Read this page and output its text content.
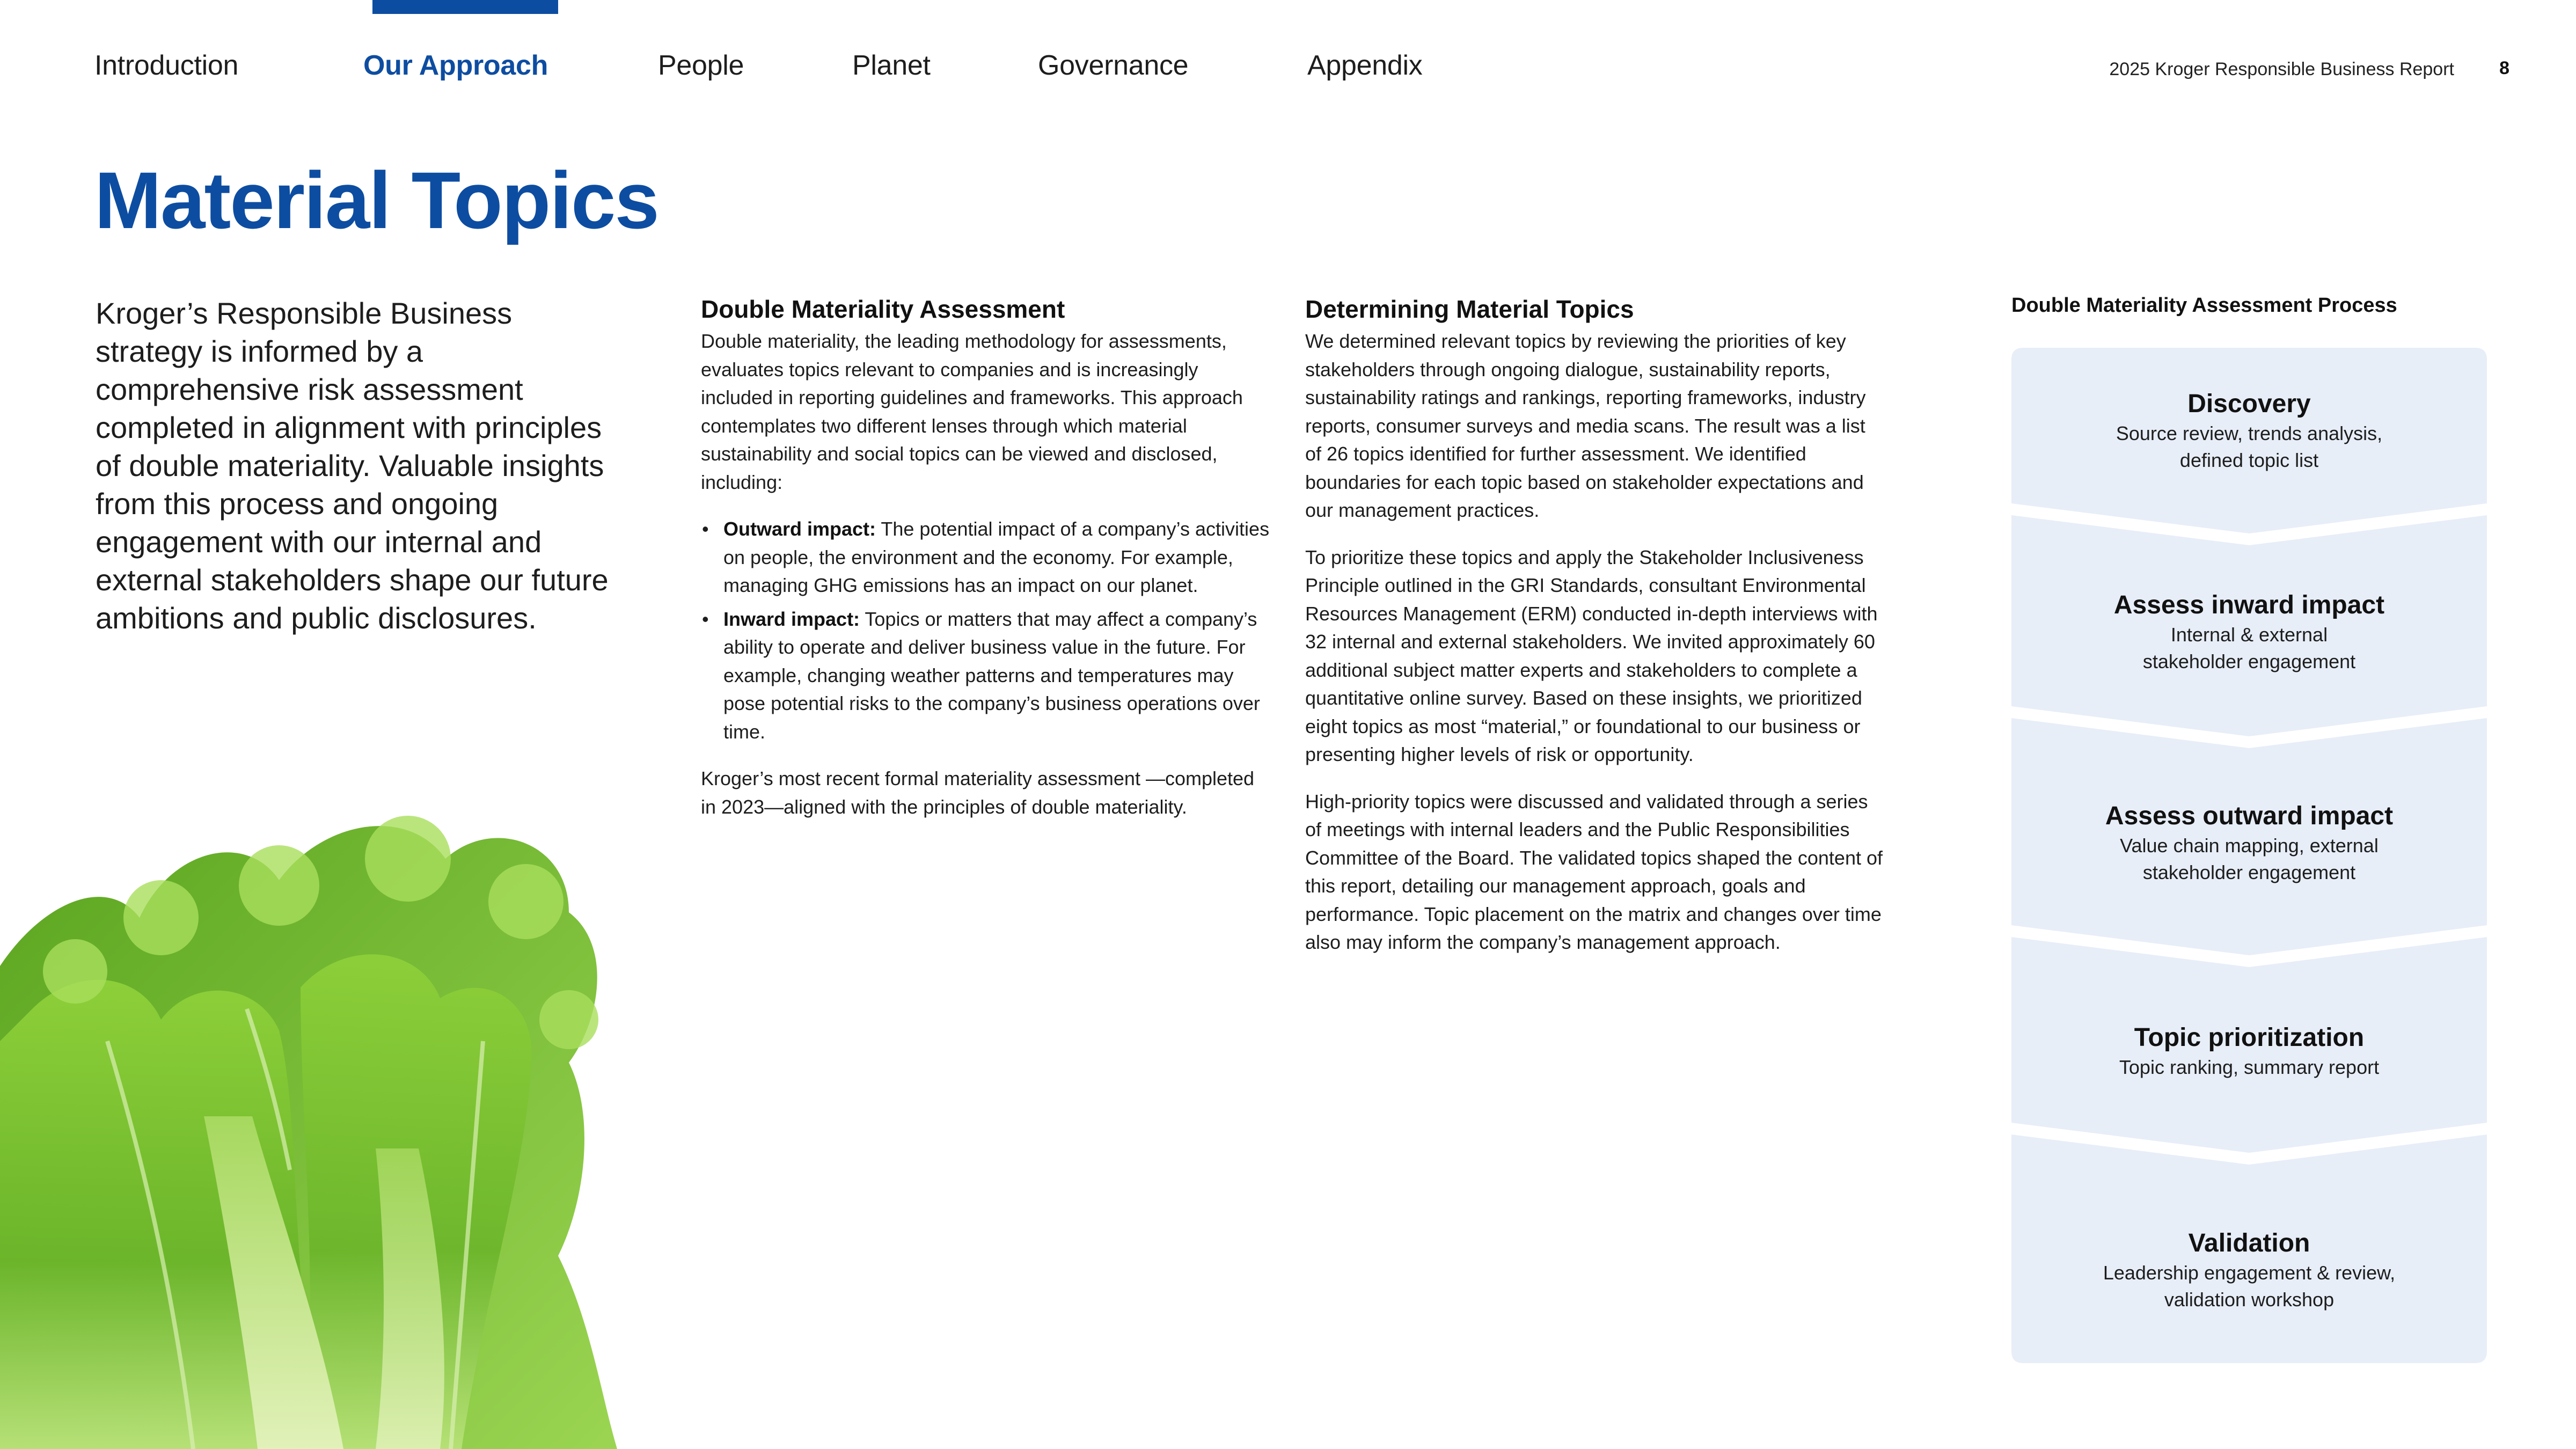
Introduction	Our Approach	People	Planet	Governance	Appendix	2025 Kroger Responsible Business Report 8
Material Topics

Kroger’s Responsible Business strategy is informed by a comprehensive risk assessment completed in alignment with principles of double materiality. Valuable insights from this process and ongoing engagement with our internal and external stakeholders shape our future ambitions and public disclosures.

Double Materiality Assessment

Double materiality, the leading methodology for assessments, evaluates topics relevant to companies and is increasingly included in reporting guidelines and frameworks. This approach contemplates two different lenses through which material sustainability and social topics can be viewed and disclosed, including:

• Outward impact: The potential impact of a company’s activities on people, the environment and the economy. For example, managing GHG emissions has an impact on our planet.
• Inward impact: Topics or matters that may affect a company’s ability to operate and deliver business value in the future. For example, changing weather patterns and temperatures may pose potential risks to the company’s business operations over time.

Kroger’s most recent formal materiality assessment —completed in 2023—aligned with the principles of double materiality.

Determining Material Topics

We determined relevant topics by reviewing the priorities of key stakeholders through ongoing dialogue, sustainability reports, sustainability ratings and rankings, reporting frameworks, industry reports, consumer surveys and media scans. The result was a list of 26 topics identified for further assessment. We identified boundaries for each topic based on stakeholder expectations and our management practices.

To prioritize these topics and apply the Stakeholder Inclusiveness Principle outlined in the GRI Standards, consultant Environmental Resources Management (ERM) conducted in-depth interviews with 32 internal and external stakeholders. We invited approximately 60 additional subject matter experts and stakeholders to complete a quantitative online survey. Based on these insights, we prioritized eight topics as most “material,” or foundational to our business or presenting higher levels of risk or opportunity.

High-priority topics were discussed and validated through a series of meetings with internal leaders and the Public Responsibilities Committee of the Board. The validated topics shaped the content of this report, detailing our management approach, goals and performance. Topic placement on the matrix and changes over time also may inform the company’s management approach.

Double Materiality Assessment Process
Discovery
Source review, trends analysis,
defined topic list
Assess inward impact
Internal & external
stakeholder engagement
Assess outward impact
Value chain mapping, external
stakeholder engagement
Topic prioritization
Topic ranking, summary report
Validation
Leadership engagement & review,
validation workshop
